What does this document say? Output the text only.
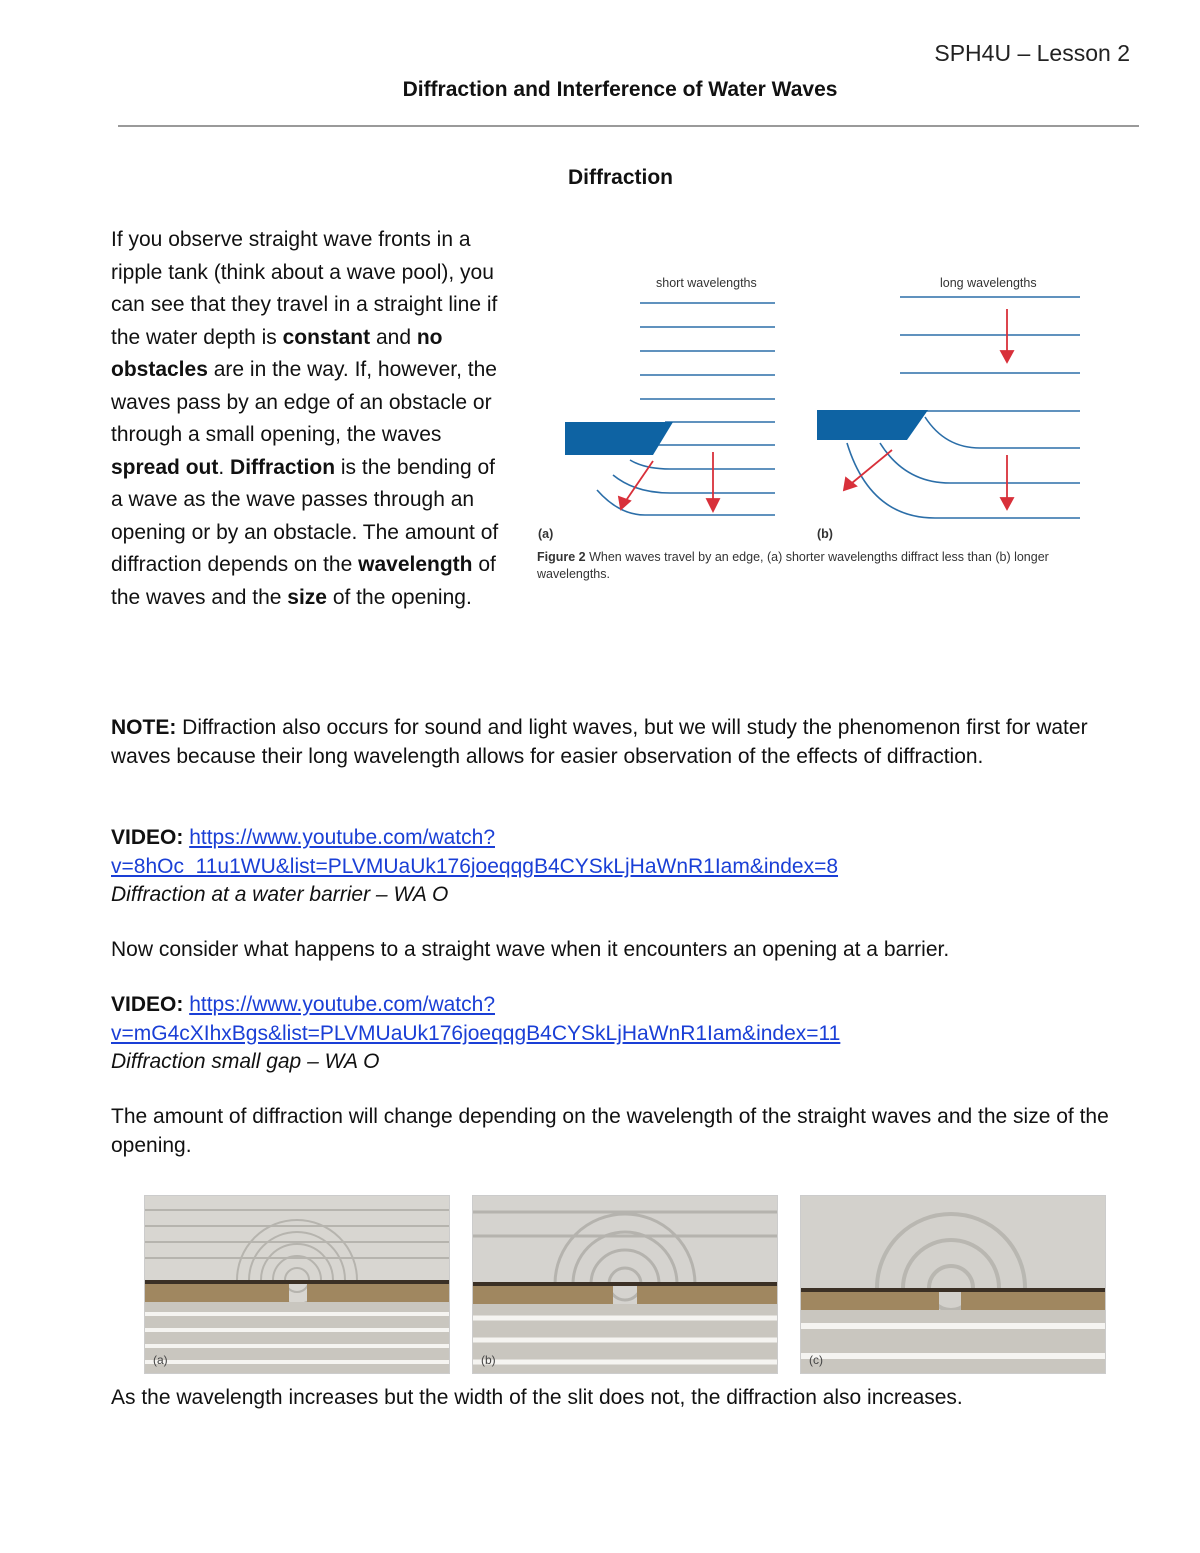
SPH4U – Lesson 2
Diffraction and Interference of Water Waves
Diffraction
If you observe straight wave fronts in a ripple tank (think about a wave pool), you can see that they travel in a straight line if the water depth is constant and no obstacles are in the way. If, however, the waves pass by an edge of an obstacle or through a small opening, the waves spread out. Diffraction is the bending of a wave as the wave passes through an opening or by an obstacle. The amount of diffraction depends on the wavelength of the waves and the size of the opening.
short wavelengths	long wavelengths
(a)	(b)
Figure 2 When waves travel by an edge, (a) shorter wavelengths diffract less than (b) longer wavelengths.
NOTE: Diffraction also occurs for sound and light waves, but we will study the phenomenon first for water waves because their long wavelength allows for easier observation of the effects of diffraction.
VIDEO: https://www.youtube.com/watch?
v=8hOc_11u1WU&list=PLVMUaUk176joeqqgB4CYSkLjHaWnR1Iam&index=8
Diffraction at a water barrier – WA O
Now consider what happens to a straight wave when it encounters an opening at a barrier.
VIDEO: https://www.youtube.com/watch?
v=mG4cXIhxBgs&list=PLVMUaUk176joeqqgB4CYSkLjHaWnR1Iam&index=11
Diffraction small gap – WA O
The amount of diffraction will change depending on the wavelength of the straight waves and the size of the opening.
(a)	(b)	(c)
As the wavelength increases but the width of the slit does not, the diffraction also increases.
